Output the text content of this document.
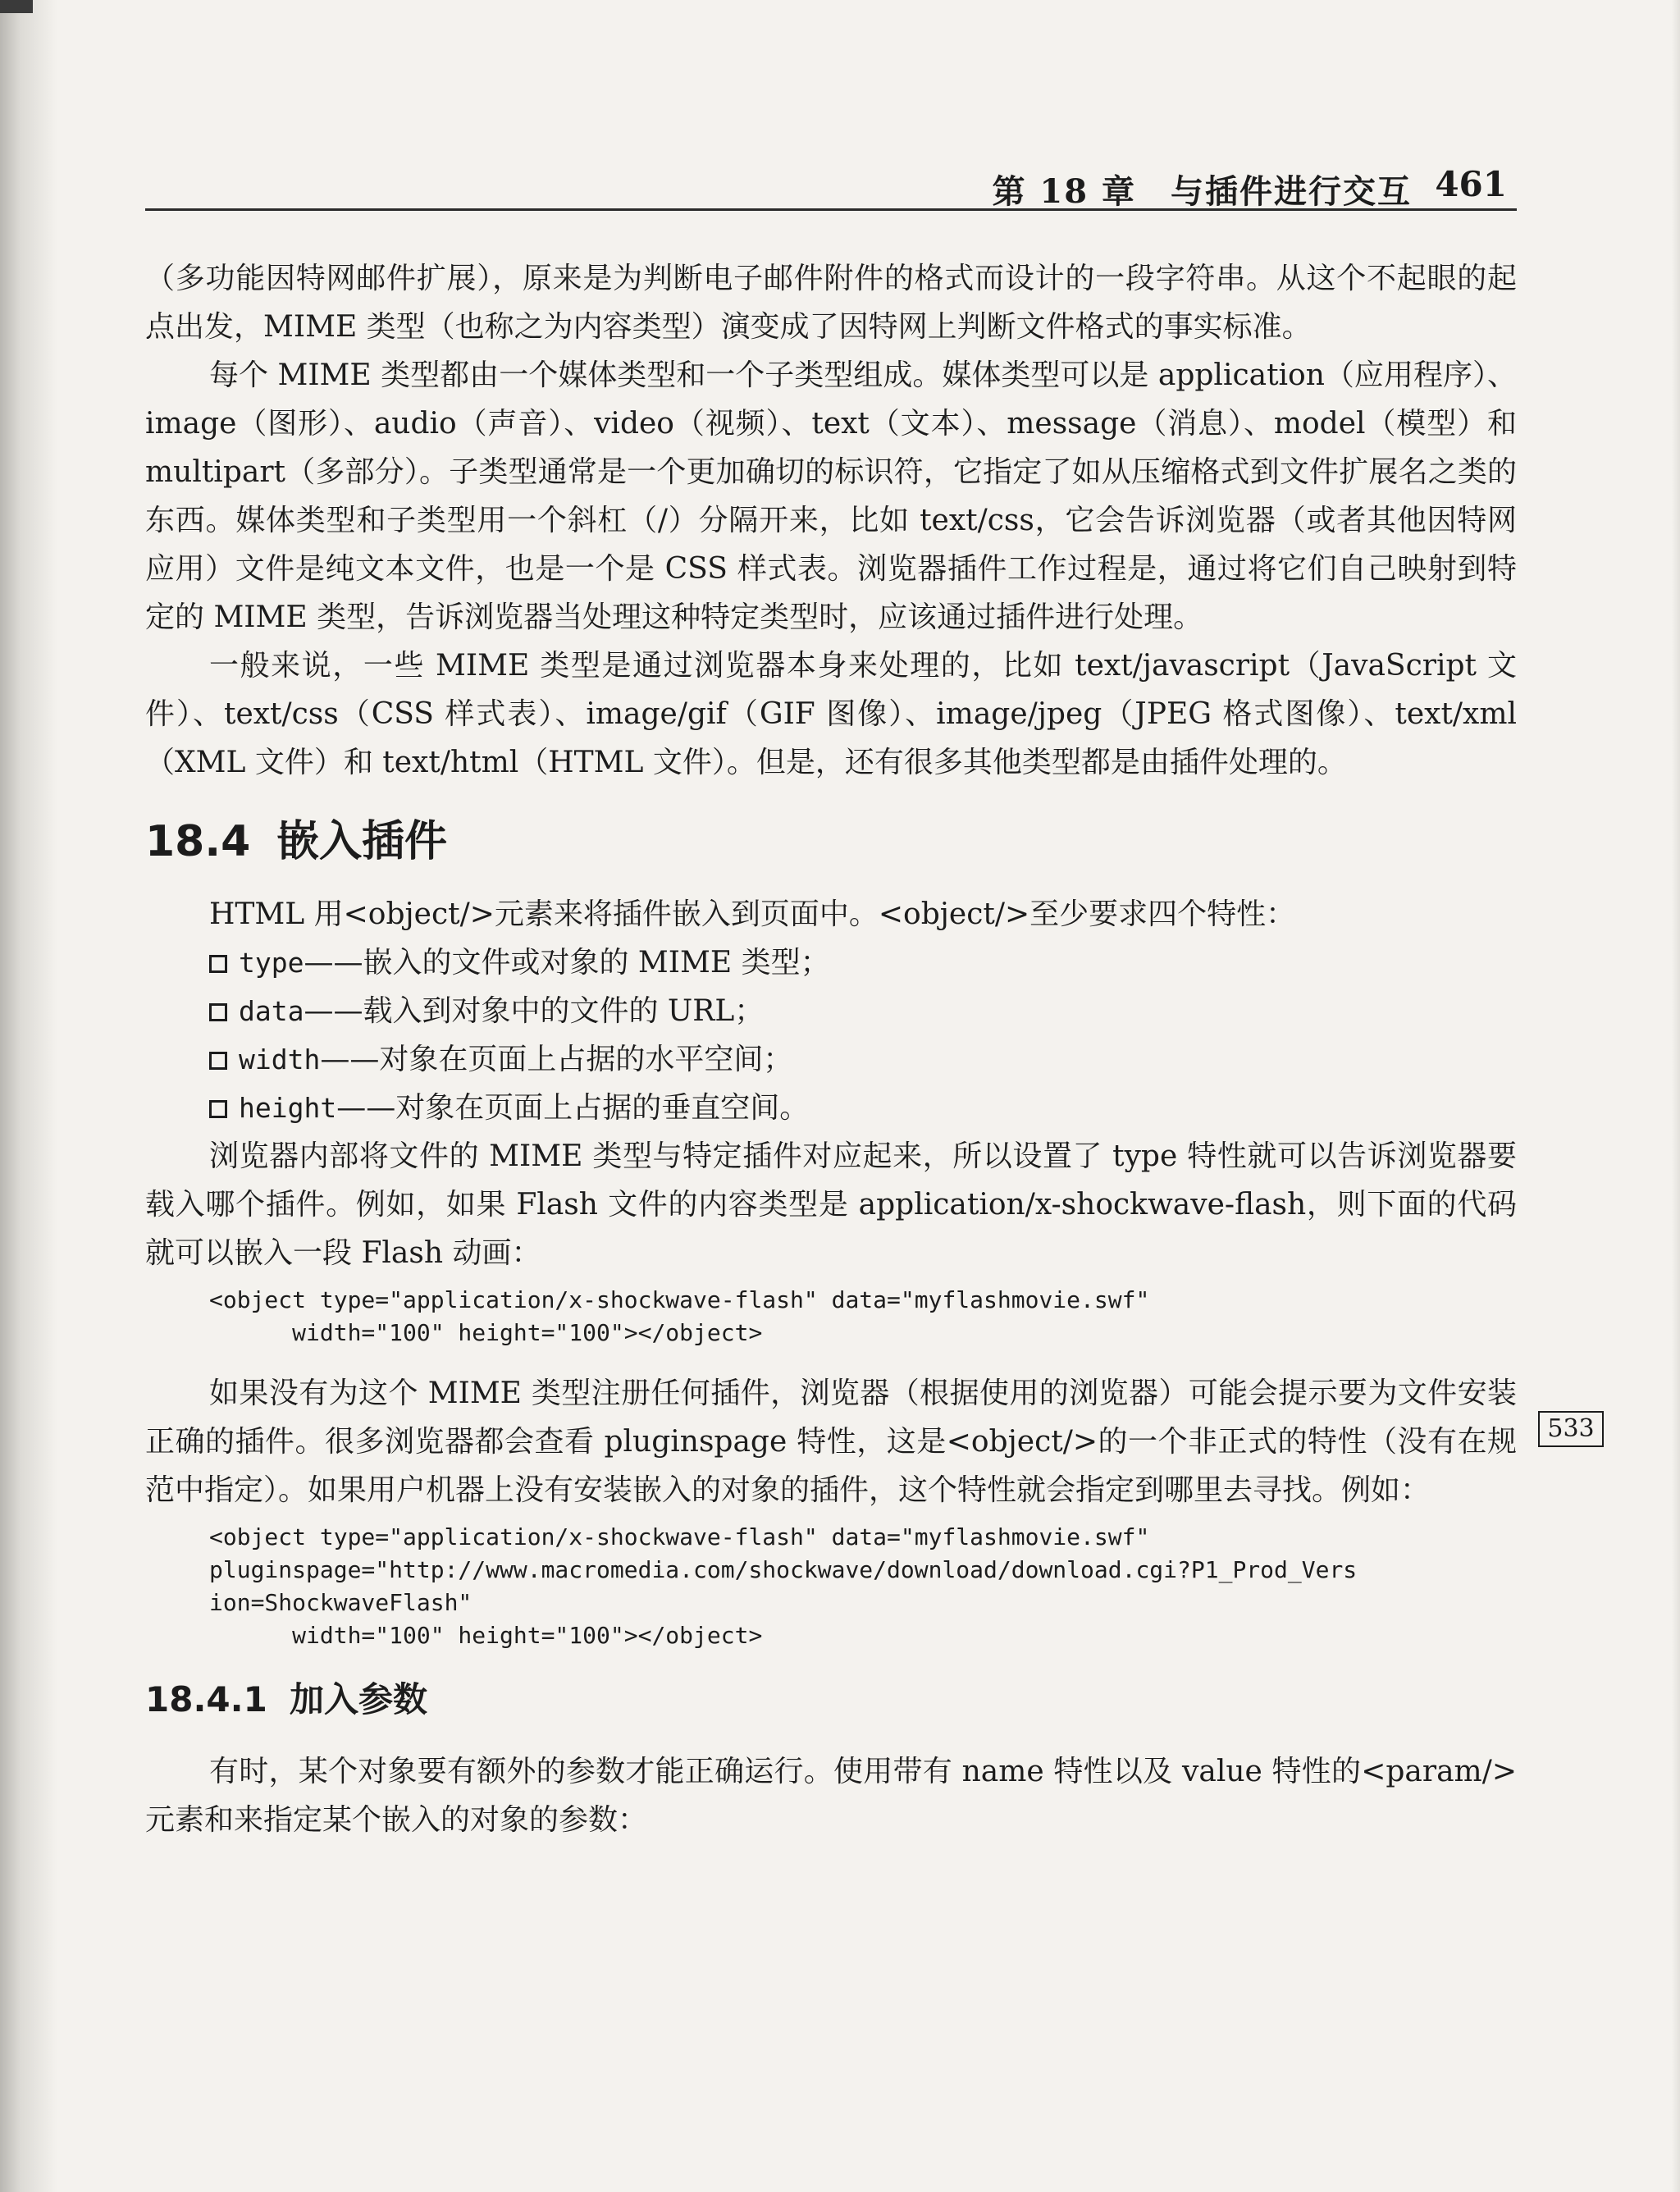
第 18 章　与插件进行交互 461
533

（多功能因特网邮件扩展），原来是为判断电子邮件附件的格式而设计的一段字符串。从这个不起眼的起点出发，MIME 类型（也称之为内容类型）演变成了因特网上判断文件格式的事实标准。

每个 MIME 类型都由一个媒体类型和一个子类型组成。媒体类型可以是 application（应用程序）、image（图形）、audio（声音）、video（视频）、text（文本）、message（消息）、model（模型）和 multipart（多部分）。子类型通常是一个更加确切的标识符，它指定了如从压缩格式到文件扩展名之类的东西。媒体类型和子类型用一个斜杠（/）分隔开来，比如 text/css，它会告诉浏览器（或者其他因特网应用）文件是纯文本文件，也是一个是 CSS 样式表。浏览器插件工作过程是，通过将它们自己映射到特定的 MIME 类型，告诉浏览器当处理这种特定类型时，应该通过插件进行处理。

一般来说，一些 MIME 类型是通过浏览器本身来处理的，比如 text/javascript（JavaScript 文件）、text/css（CSS 样式表）、image/gif（GIF 图像）、image/jpeg（JPEG 格式图像）、text/xml（XML 文件）和 text/html（HTML 文件）。但是，还有很多其他类型都是由插件处理的。

18.4 嵌入插件

HTML 用<object/>元素来将插件嵌入到页面中。<object/>至少要求四个特性：

type——嵌入的文件或对象的 MIME 类型；
data——载入到对象中的文件的 URL；
width——对象在页面上占据的水平空间；
height——对象在页面上占据的垂直空间。

浏览器内部将文件的 MIME 类型与特定插件对应起来，所以设置了 type 特性就可以告诉浏览器要载入哪个插件。例如，如果 Flash 文件的内容类型是 application/x-shockwave-flash，则下面的代码就可以嵌入一段 Flash 动画：

<object type="application/x-shockwave-flash" data="myflashmovie.swf"
width="100" height="100"></object>

如果没有为这个 MIME 类型注册任何插件，浏览器（根据使用的浏览器）可能会提示要为文件安装正确的插件。很多浏览器都会查看 pluginspage 特性，这是<object/>的一个非正式的特性（没有在规范中指定）。如果用户机器上没有安装嵌入的对象的插件，这个特性就会指定到哪里去寻找。例如：

<object type="application/x-shockwave-flash" data="myflashmovie.swf"
pluginspage="http://www.macromedia.com/shockwave/download/download.cgi?P1_Prod_Vers
ion=ShockwaveFlash"
width="100" height="100"></object>
18.4.1 加入参数

有时，某个对象要有额外的参数才能正确运行。使用带有 name 特性以及 value 特性的<param/>元素和来指定某个嵌入的对象的参数：
